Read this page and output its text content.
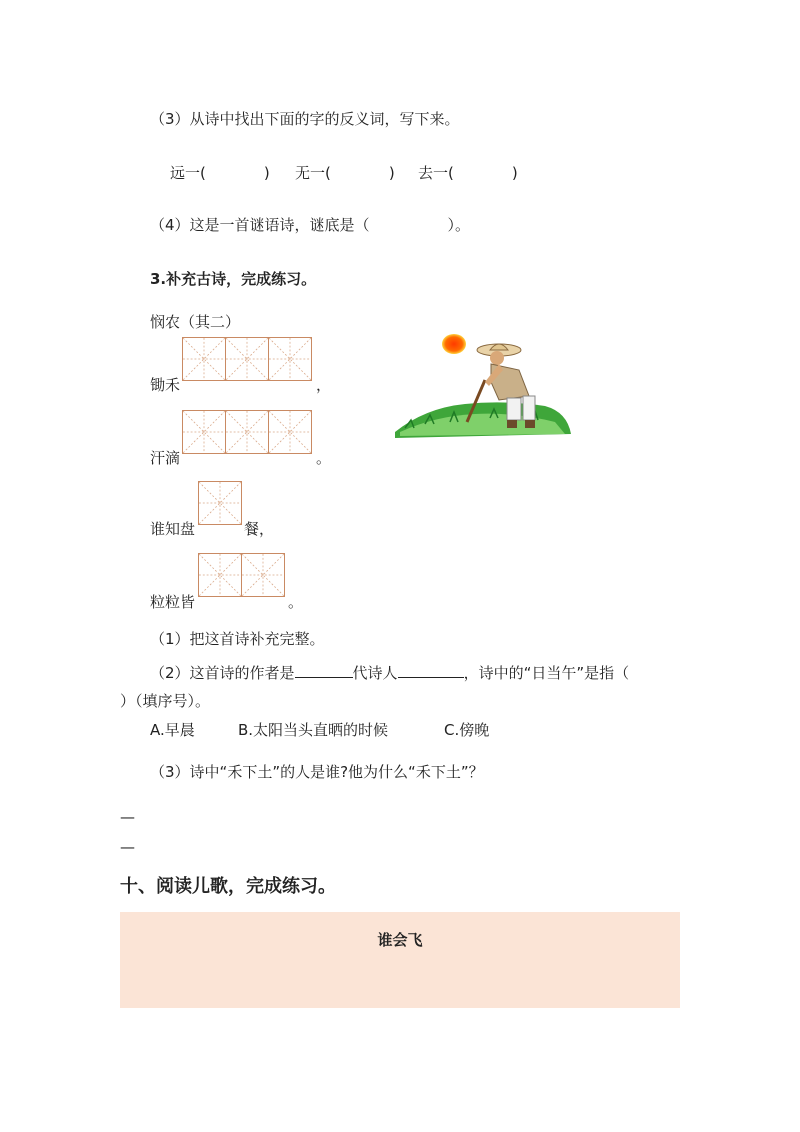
（3）从诗中找出下面的字的反义词，写下来。
远一(	) 无一(	) 去一(	)
（4）这是一首谜语诗，谜底是（	）。
3.补充古诗，完成练习。
悯农（其二）
锄禾	，
汗滴	。
谁知盘	餐，
粒粒皆	。
（1）把这首诗补充完整。
（2）这首诗的作者是	代诗人	，诗中的“日当午”是指（
）（填序号）。
A.早晨	B.太阳当头直晒的时候	C.傍晚
（3）诗中“禾下土”的人是谁?他为什么“禾下土”？
—
—
十、阅读儿歌，完成练习。
谁会飞
